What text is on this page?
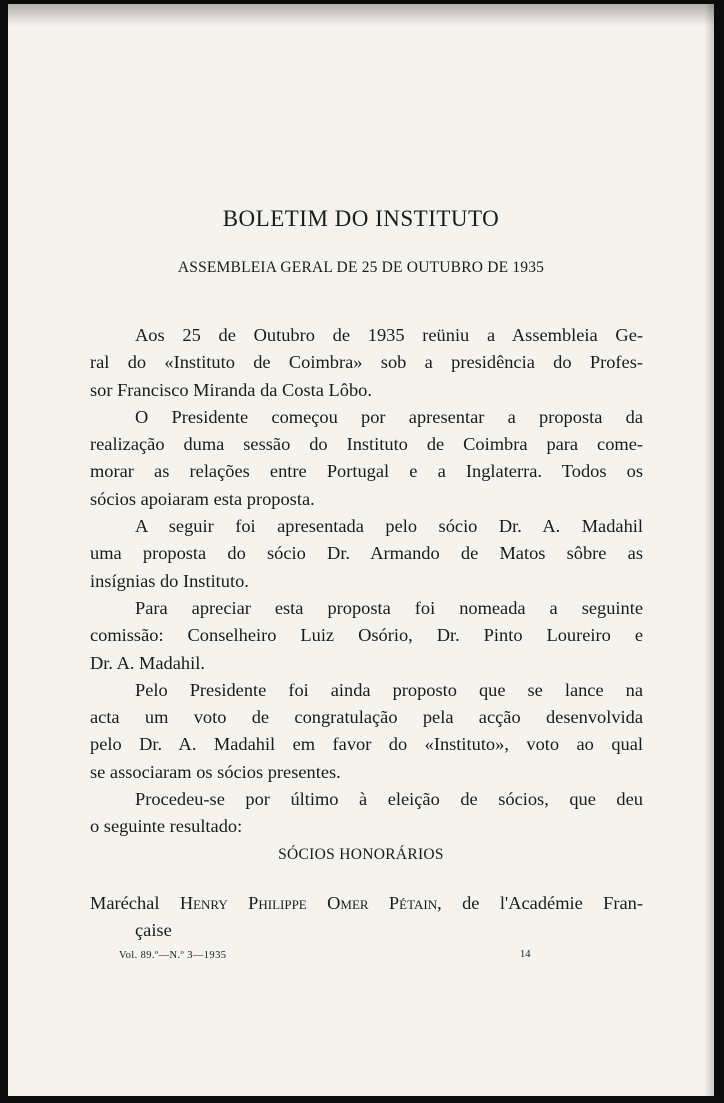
BOLETIM DO INSTITUTO
ASSEMBLEIA GERAL DE 25 DE OUTUBRO DE 1935
Aos 25 de Outubro de 1935 reüniu a Assembleia Ge-
ral do «Instituto de Coimbra» sob a presidência do Profes-
sor Francisco Miranda da Costa Lôbo.
O Presidente começou por apresentar a proposta da
realização duma sessão do Instituto de Coimbra para come-
morar as relações entre Portugal e a Inglaterra. Todos os
sócios apoiaram esta proposta.
A seguir foi apresentada pelo sócio Dr. A. Madahil
uma proposta do sócio Dr. Armando de Matos sôbre as
insígnias do Instituto.
Para apreciar esta proposta foi nomeada a seguinte
comissão: Conselheiro Luiz Osório, Dr. Pinto Loureiro e
Dr. A. Madahil.
Pelo Presidente foi ainda proposto que se lance na
acta um voto de congratulação pela acção desenvolvida
pelo Dr. A. Madahil em favor do «Instituto», voto ao qual
se associaram os sócios presentes.
Procedeu-se por último à eleição de sócios, que deu
o seguinte resultado:
SÓCIOS HONORÁRIOS
Maréchal Henry Philippe Omer Pétain, de l'Académie Fran-
çaise
Vol. 89.º—N.º 3—1935	14
